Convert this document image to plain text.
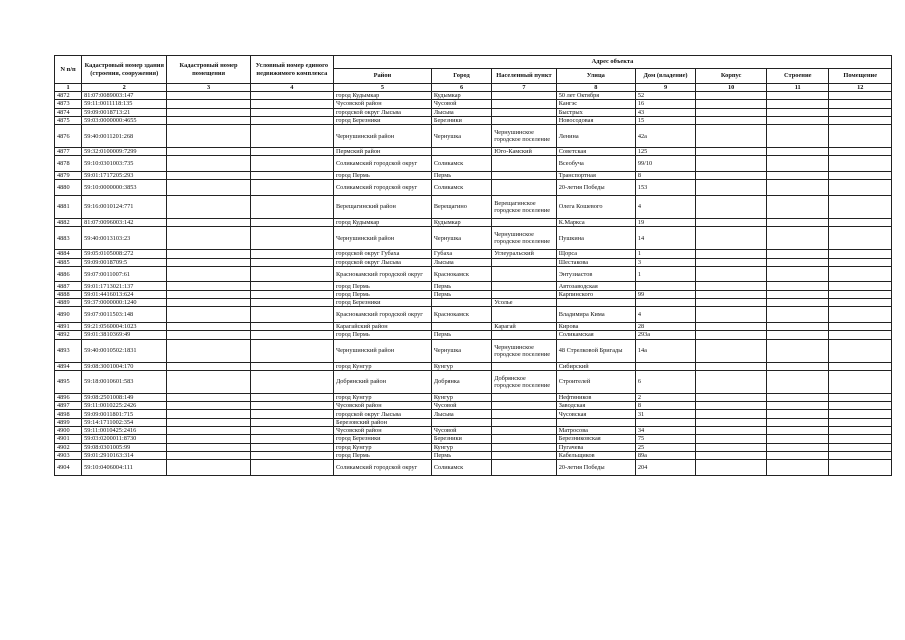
N п/п	Кадастровый номер здания (строения, сооружения)	Кадастровый номер помещения	Условный номер единого недвижимого комплекса	Адрес объекта							
				Район	Город	Населенный пункт	Улица	Дом (владение)	Корпус	Строение	Помещение
1	2	3	4	5	6	7	8	9	10	11	12
4872	81:07:0089003:147			город Кудымкар	Кудымкар		50 лет Октября	52			
4873	59:11:0011118:135			Чусовской район	Чусовой		Кангэс	16			
4874	59:09:0018713:21			городской округ Лысьва	Лысьва		Быстрых	43			
4875	59:03:0000000:4655			город Березники	Березники		Новосодовая	15			
4876	59:40:0011201:268			Чернушинский район	Чернушка	Чернушинское городское поселение	Ленина	42а			
4877	59:32:0100009:7299			Пермский район		Юго-Камский	Советская	125			
4878	59:10:0301003:735			Соликамский городской округ	Соликамск		Всеобуча	99/10			
4879	59:01:1717205:293			город Пермь	Пермь		Транспортная	8			
4880	59:10:0000000:3853			Соликамский городской округ	Соликамск		20-летия Победы	153			
4881	59:16:0010124:771			Верещагинский район	Верещагино	Верещагинское городское поселение	Олега Кошевого	4			
4882	81:07:0096003:142			город Кудымкар	Кудымкар		К.Маркса	19			
4883	59:40:0013103:23			Чернушинский район	Чернушка	Чернушинское городское поселение	Пушкина	14			
4884	59:05:0105008:272			городской округ Губаха	Губаха	Углеуральский	Щорса	1			
4885	59:09:0018709:5			городской округ Лысьва	Лысьва		Шестакова	3			
4886	59:07:0011007:61			Краснокамский городской округ	Краснокамск		Энтузиастов	1			
4887	59:01:1713021:137			город Пермь	Пермь		Автозаводская				
4888	59:01:4416013:624			город Пермь	Пермь		Карпинского	99			
4889	59:37:0000000:1240			город Березники		Усолье					
4890	59:07:0011503:148			Краснокамский городской округ	Краснокамск		Владимира Кима	4			
4891	59:21:0560004:1023			Карагайский район		Карагай	Кирова	28			
4892	59:01:3810369:49			город Пермь	Пермь		Соликамская	293а			
4893	59:40:0010502:1831			Чернушинский район	Чернушка	Чернушинское городское поселение	48 Стрелковой Бригады	14а			
4894	59:08:3001004:170			город Кунгур	Кунгур		Сибирский				
4895	59:18:0010601:583			Добрянский район	Добрянка	Добрянское городское поселение	Строителей	6			
4896	59:08:2501008:149			город Кунгур	Кунгур		Нефтяников	2			
4897	59:11:0010225:2426			Чусовской район	Чусовой		Заводская	8			
4898	59:09:0011801:715			городской округ Лысьва	Лысьва		Чусовская	31			
4899	59:14:1711002:354			Березовский район							
4900	59:11:0010425:2416			Чусовской район	Чусовой		Матросова	34			
4901	59:03:0200011:8730			город Березники	Березники		Березниковская	75			
4902	59:08:0301005:99			город Кунгур	Кунгур		Пугачева	25			
4903	59:01:2910163:314			город Пермь	Пермь		Кабельщиков	89а			
4904	59:10:0406004:111			Соликамский городской округ	Соликамск		20-летия Победы	204			
